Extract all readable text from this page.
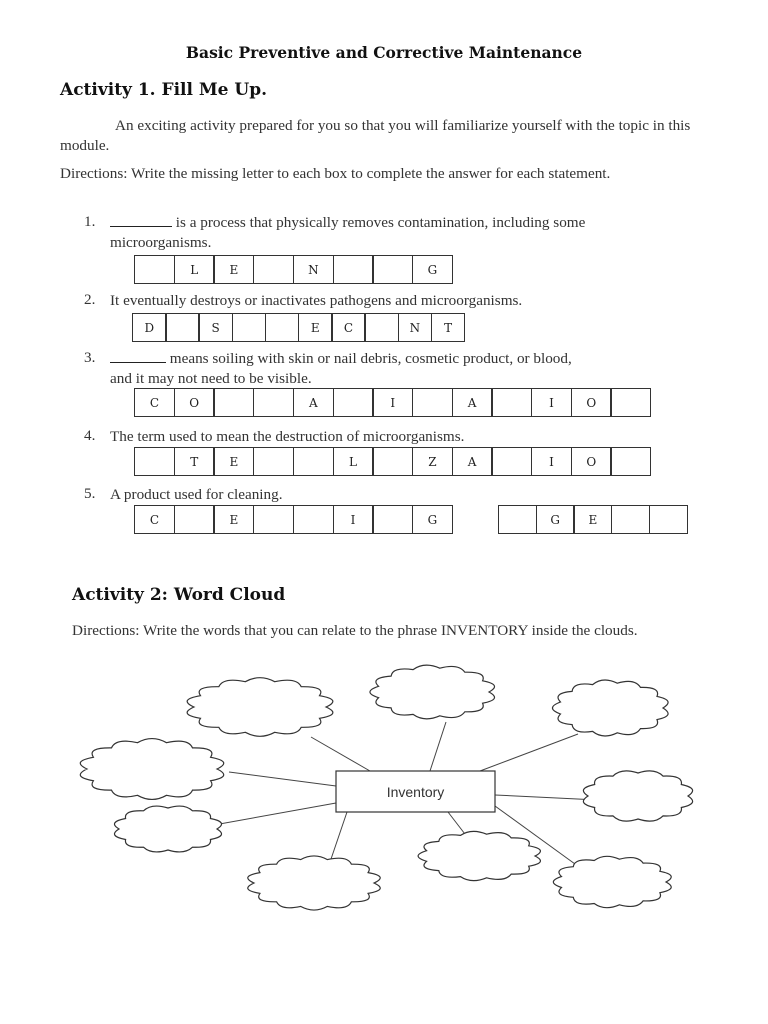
Basic Preventive and Corrective Maintenance
Activity 1. Fill Me Up.
An exciting activity prepared for you so that you will familiarize yourself with the topic in this module.
Directions: Write the missing letter to each box to complete the answer for each statement.
1.	is a process that physically removes contamination, including some
microorganisms.
L	E	N	G
2. It eventually destroys or inactivates pathogens and microorganisms.
D	S	E	C	N	T
3.	means soiling with skin or nail debris, cosmetic product, or blood,
and it may not need to be visible.
C	O	A	I	A	I	O
4. The term used to mean the destruction of microorganisms.
T	E	L	Z	A	I	O
5. A product used for cleaning.
C	E	I	G	G	E
Activity 2: Word Cloud
Directions: Write the words that you can relate to the phrase INVENTORY inside the clouds.
Inventory
